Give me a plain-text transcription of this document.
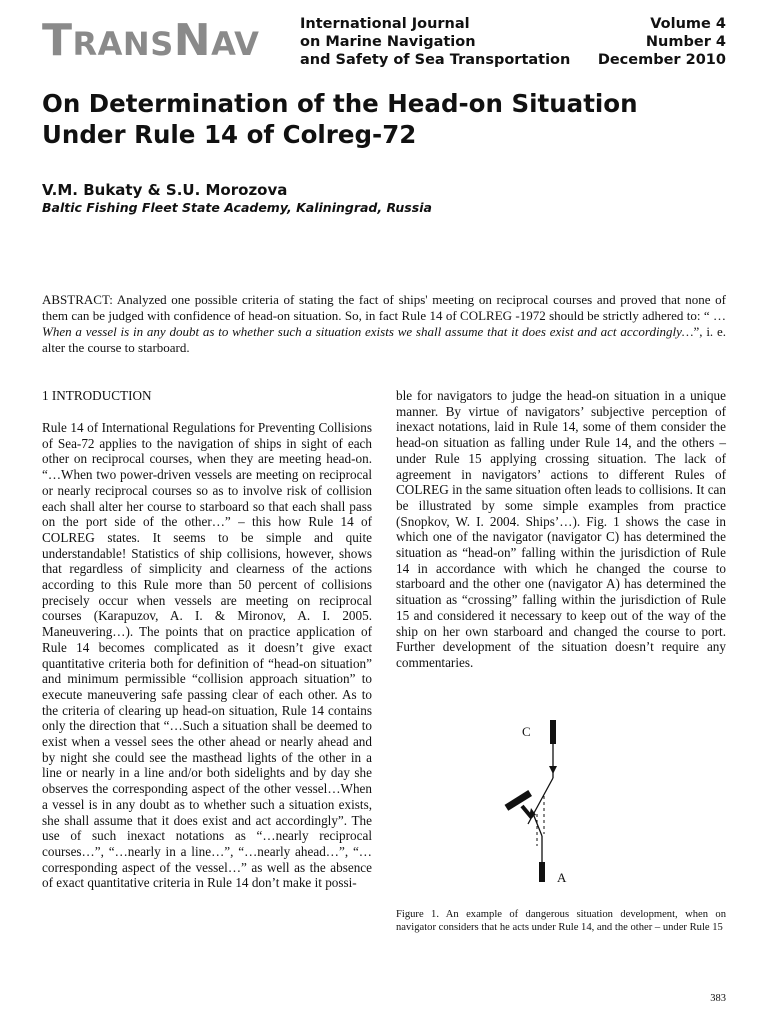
TRANSNAV
International Journal
on Marine Navigation
and Safety of Sea Transportation
Volume 4
Number 4
December 2010
On Determination of the Head-on Situation
Under Rule 14 of Colreg-72
V.M. Bukaty & S.U. Morozova
Baltic Fishing Fleet State Academy, Kaliningrad, Russia
ABSTRACT: Analyzed one possible criteria of stating the fact of ships' meeting on reciprocal courses and proved that none of them can be judged with confidence of head-on situation. So, in fact Rule 14 of COLREG -1972 should be strictly adhered to: “ …When a vessel is in any doubt as to whether such a situation exists we shall assume that it does exist and act accordingly…”, i. e. alter the course to starboard.
1 INTRODUCTION
Rule 14 of International Regulations for Preventing Collisions of Sea-72 applies to the navigation of ships in sight of each other on reciprocal courses, when they are meeting head-on. “…When two power-driven vessels are meeting on reciprocal or nearly reciprocal courses so as to involve risk of collision each shall alter her course to starboard so that each shall pass on the port side of the other…” – this how Rule 14 of COLREG states. It seems to be simple and quite understandable! Statistics of ship collisions, however, shows that regardless of simplicity and clearness of the actions according to this Rule more than 50 percent of collisions precisely occur when vessels are meeting on reciprocal courses (Karapuzov, A. I. & Mironov, A. I. 2005. Maneuvering…). The points that on practice application of Rule 14 becomes complicated as it doesn’t give exact quantitative criteria both for definition of “head-on situation” and minimum permissible “collision approach situation” to execute maneuvering safe passing clear of each other. As to the criteria of clearing up head-on situation, Rule 14 contains only the direction that “…Such a situation shall be deemed to exist when a vessel sees the other ahead or nearly ahead and by night she could see the masthead lights of the other in a line or nearly in a line and/or both sidelights and by day she observes the corresponding aspect of the other vessel…When a vessel is in any doubt as to whether such a situation exists, she shall assume that it does exist and act accordingly”. The use of such inexact notations as “…nearly reciprocal courses…”, “…nearly in a line…”, “…nearly ahead…”, “…corresponding aspect of the vessel…” as well as the absence of exact quantitative criteria in Rule 14 don’t make it possi-
ble for navigators to judge the head-on situation in a unique manner. By virtue of navigators’ subjective perception of inexact notations, laid in Rule 14, some of them consider the head-on situation as falling under Rule 14, and the others – under Rule 15 applying crossing situation. The lack of agreement in navigators’ actions to different Rules of COLREG in the same situation often leads to collisions. It can be illustrated by some simple examples from practice (Snopkov, W. I. 2004. Ships’…). Fig. 1 shows the case in which one of the navigator (navigator C) has determined the situation as “head-on” falling within the jurisdiction of Rule 14 in accordance with which he changed the course to starboard and the other one (navigator A) has determined the situation as “crossing” falling within the jurisdiction of Rule 15 and considered it necessary to keep out of the way of the ship on her own starboard and changed the course to port. Further development of the situation doesn’t require any commentaries.
C
A
Figure 1. An example of dangerous situation development, when on navigator considers that he acts under Rule 14, and the other – under Rule 15
383
